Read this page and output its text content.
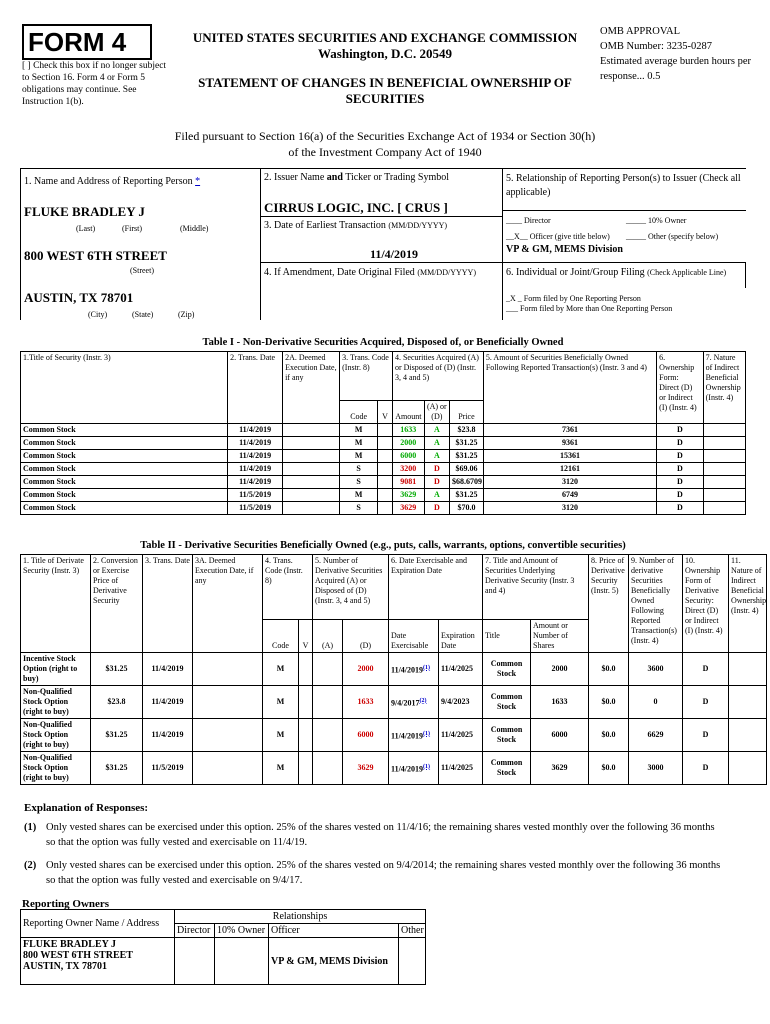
FORM 4
[ ] Check this box if no longer subject to Section 16. Form 4 or Form 5 obligations may continue. See Instruction 1(b).
UNITED STATES SECURITIES AND EXCHANGE COMMISSION
Washington, D.C. 20549
STATEMENT OF CHANGES IN BENEFICIAL OWNERSHIP OF SECURITIES
OMB APPROVAL
OMB Number: 3235-0287
Estimated average burden hours per response... 0.5
Filed pursuant to Section 16(a) of the Securities Exchange Act of 1934 or Section 30(h) of the Investment Company Act of 1940
1. Name and Address of Reporting Person *
FLUKE BRADLEY J
(Last)	(First)	(Middle)
800 WEST 6TH STREET
(Street)
AUSTIN, TX 78701
(City)	(State)	(Zip)
2. Issuer Name and Ticker or Trading Symbol
CIRRUS LOGIC, INC. [ CRUS ]
3. Date of Earliest Transaction (MM/DD/YYYY)
11/4/2019
4. If Amendment, Date Original Filed (MM/DD/YYYY)
5. Relationship of Reporting Person(s) to Issuer (Check all applicable)
____ Director	_____ 10% Owner
__X__ Officer (give title below) _____ Other (specify below)
VP & GM, MEMS Division
6. Individual or Joint/Group Filing (Check Applicable Line)
_X _ Form filed by One Reporting Person
___ Form filed by More than One Reporting Person
Table I - Non-Derivative Securities Acquired, Disposed of, or Beneficially Owned
1.Title of Security (Instr. 3)	2. Trans. Date	2A. Deemed Execution Date, if any	3. Trans. Code (Instr. 8)		4. Securities Acquired (A) or Disposed of (D) (Instr. 3, 4 and 5)			5. Amount of Securities Beneficially Owned Following Reported Transaction(s) (Instr. 3 and 4)	6. Ownership Form: Direct (D) or Indirect (I) (Instr. 4)	7. Nature of Indirect Beneficial Ownership (Instr. 4)
			Code	V	Amount	(A) or (D)	Price			
Common Stock	11/4/2019		M		1633	A	$23.8	7361	D	
Common Stock	11/4/2019		M		2000	A	$31.25	9361	D	
Common Stock	11/4/2019		M		6000	A	$31.25	15361	D	
Common Stock	11/4/2019		S		3200	D	$69.06	12161	D	
Common Stock	11/4/2019		S		9081	D	$68.6709	3120	D	
Common Stock	11/5/2019		M		3629	A	$31.25	6749	D	
Common Stock	11/5/2019		S		3629	D	$70.0	3120	D	
Table II - Derivative Securities Beneficially Owned (e.g., puts, calls, warrants, options, convertible securities)
1. Title of Derivate Security (Instr. 3)	2. Conversion or Exercise Price of Derivative Security	3. Trans. Date	3A. Deemed Execution Date, if any	4. Trans. Code (Instr. 8)		5. Number of Derivative Securities Acquired (A) or Disposed of (D) (Instr. 3, 4 and 5)		6. Date Exercisable and Expiration Date		7. Title and Amount of Securities Underlying Derivative Security (Instr. 3 and 4)		8. Price of Derivative Security (Instr. 5)	9. Number of derivative Securities Beneficially Owned Following Reported Transaction(s) (Instr. 4)	10. Ownership Form of Derivative Security: Direct (D) or Indirect (I) (Instr. 4)	11. Nature of Indirect Beneficial Ownership (Instr. 4)
				Code	V	(A)	(D)	Date Exercisable	Expiration Date	Title	Amount or Number of Shares				
Incentive Stock Option (right to buy)	$31.25	11/4/2019		M			2000	11/4/2019$^{(1)}$	11/4/2025	Common Stock	2000	$0.0	3600	D	
Non-Qualified Stock Option (right to buy)	$23.8	11/4/2019		M			1633	9/4/2017$^{(2)}$	9/4/2023	Common Stock	1633	$0.0	0	D	
Non-Qualified Stock Option (right to buy)	$31.25	11/4/2019		M			6000	11/4/2019$^{(1)}$	11/4/2025	Common Stock	6000	$0.0	6629	D	
Non-Qualified Stock Option (right to buy)	$31.25	11/5/2019		M			3629	11/4/2019$^{(1)}$	11/4/2025	Common Stock	3629	$0.0	3000	D	
Explanation of Responses:
(1) Only vested shares can be exercised under this option. 25% of the shares vested on 11/4/16; the remaining shares vested monthly over the following 36 months so that the option was fully vested and exercisable on 11/4/19.
(2) Only vested shares can be exercised under this option. 25% of the shares vested on 9/4/2014; the remaining shares vested monthly over the following 36 months so that the option was fully vested and exercisable on 9/4/17.
Reporting Owners
Reporting Owner Name / Address	Relationships			
	Director	10% Owner	Officer	Other

FLUKE BRADLEY J
800 WEST 6TH STREET
AUSTIN, TX 78701			VP & GM, MEMS Division	
